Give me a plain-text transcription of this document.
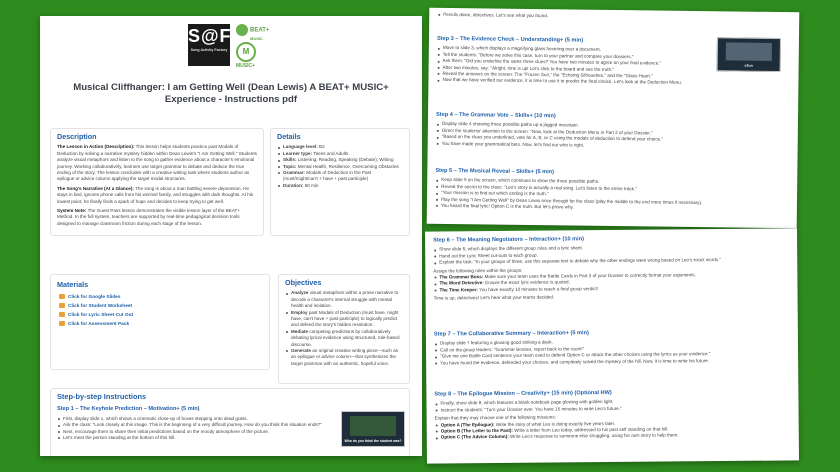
S@F
Song Activity Factory
BEAT+
MUSIC
M
MUSIC+
Musical Cliffhanger: I am Getting Well (Dean Lewis) A BEAT+ MUSIC+ Experience - Instructions pdf
Description

The Lesson in Action (Description): This lesson helps students practice past Modals of Deduction by solving a narrative mystery hidden within Dean Lewis's "I Am Getting Well." Students analyze visual metaphors and listen to the song to gather evidence about a character's emotional journey. Working collaboratively, learners use target grammar to debate and deduce the true ending of the story. The lesson concludes with a creative writing task where students author an epilogue or advice column applying the target modal structures.

The Song's Narrative (At a Glance): The song is about a man battling severe depression. He stays in bed, ignores phone calls from his worried family, and struggles with dark thoughts. At his lowest point, he finally finds a spark of hope and decides to keep trying to get well.

System Note: The Guest Pass lesson demonstrates the visible lesson layer of the BEAT+ Method. In the full system, teachers are supported by real-time pedagogical decision tools designed to manage classroom friction during each stage of the lesson.

Details
Language level: B2
Learner type: Teens and Adults
Skills: Listening, Reading, Speaking (Debate), Writing
Topic: Mental Health, Resilience, Overcoming Obstacles
Grammar: Modals of Deduction in the Past (must/might/can't + have + past participle)
Duration: 60 min
Materials
Click for Google Slides
Click for Student Worksheet
Click for Lyric Sheet Cut Out
Click for Assessment Pack
Objectives
Analyze visual metaphors within a prose narrative to decode a character's internal struggle with mental health and isolation.
Employ past Modals of Deduction (must have, might have, can't have + past participle) to logically predict and defend the story's hidden resolution.
Mediate competing predictions by collaboratively debating lyrical evidence using structured, role-based discourse.
Generate an original creative writing piece—such as an epilogue or advice column—that synthesizes the target grammar with an authentic, hopeful voice.
Step-by-step Instructions
Step 1 – The Keyhole Prediction – Motivation+ (5 min)
Who do you think the student was?
First, display slide 1, which shows a cinematic close-up of boxes stepping onto dead grass.
Ask the class: "Look closely at this image. This is the beginning of a very difficult journey. How do you think this situation ends?"
Next, encourage them to share their initial predictions based on the moody atmosphere of the picture.
Let's meet the person standing at the bottom of this hill.
Pencils down, detectives. Let's see what you found.
Step 3 – The Evidence Check – Understanding+ (5 min)
Move to slide 3, which displays a magnifying glass hovering over a document.
Tell the students: "Before we solve this case, turn to your partner and compare your dossiers."
Ask them: "Did you underline the same three clues? You have two minutes to agree on your final evidence."
After two minutes, say: "Alright, time is up! Let's click to the board and see the truth."
Reveal the answers on the screen: The "Frozen Sun," the "Echoing Silhouettes," and the "Glass Heart."
Now that we have verified our evidence, it is time to use it to predict the final choice. Let's look at the Deduction Menu.
cSun
Step 4 – The Grammar Vote – Skills+ (10 min)
Display slide 4 showing three possible paths up a jagged mountain.
Direct the students' attention to the screen: "Now, look at the Deduction Menu in Part 2 of your Dossier."
"Based on the clues you underlined, vote for A, B, or C using the modals of deduction to defend your choice."
You have made your grammatical bets. Now, let's find out who is right.
Step 5 – The Musical Reveal – Skills+ (5 min)
Keep slide 5 on the screen, which continues to show the three possible paths.
Reveal the secret to the class: "Leo's story is actually a real song. Let's listen to the entire track."
"Your mission is to find out which ending is the truth."
Play the song "I Am Getting Well" by Dean Lewis once through for the class (play the middle to the end more times if necessary).
You heard the final lyric! Option C is the truth. But let's prove why.
Step 6 – The Meaning Negotiators – Interaction+ (10 min)
Show slide 6, which displays the different group roles and a lyric sheet.
Hand out the Lyric Sheet cut-outs to each group.
Explain the task: "In your groups of three, use this separate text to debate why the other endings were wrong based on Leo's exact words."
Assign the following roles within the groups:
The Grammar Boss: Make sure your team uses the Battle Cards in Part 3 of your Dossier to correctly format your arguments.
The Word Detective: Ensure the exact lyric evidence is quoted.
The Time Keeper: You have exactly 10 minutes to reach a final group verdict!
Time is up, detectives! Let's hear what your teams decided.
Step 7 – The Collaborative Summary – Interaction+ (5 min)
Display slide 7 featuring a glowing good striking a desk.
Call on the group leaders: "Grammar Bosses, report back to the room!"
"Give me one Battle Card sentence your team used to defend Option C or attack the other choices using the lyrics as your evidence."
You have found the evidence, defended your choices, and completely solved the mystery of the hill. Now, it is time to write his future.
Step 8 – The Epilogue Mission – Creativity+ (15 min) (Optional HW)
Finally, show slide 8, which features a blank notebook page glowing with golden light.
Instruct the students: "Turn your Dossier over. You have 15 minutes to write Leo's future."
Explain that they may choose one of the following missions:
Option A (The Epilogue): Write the story of what Leo is doing exactly five years later.
Option B (The Letter to the Past): Write a letter from Leo today, addressed to his past self standing on that hill.
Option C (The Advice Column): Write Leo's response to someone else struggling, using his own story to help them.
